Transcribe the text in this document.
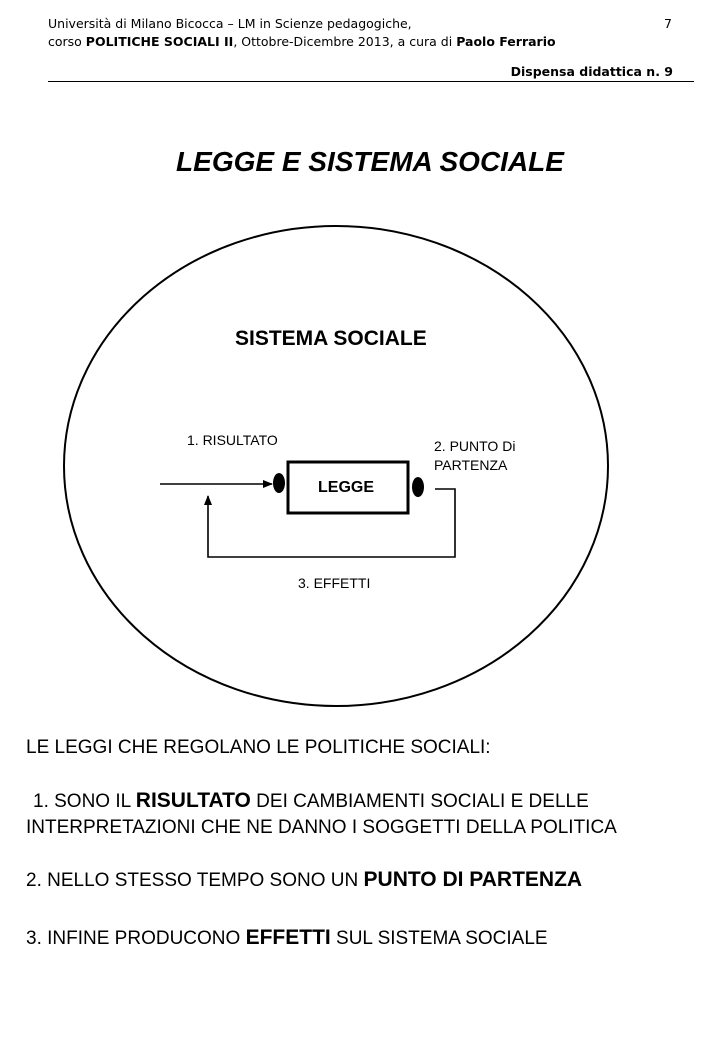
Università di Milano Bicocca – LM in Scienze pedagogiche,
corso POLITICHE SOCIALI II, Ottobre-Dicembre 2013, a cura di Paolo Ferrario
7
Dispensa didattica n. 9
LEGGE E SISTEMA SOCIALE
SISTEMA SOCIALE
1. RISULTATO	2. PUNTO Di PARTENZA
3. EFFETTI
LEGGE
LE LEGGI CHE REGOLANO LE POLITICHE SOCIALI:
1. SONO IL RISULTATO DEI CAMBIAMENTI SOCIALI E DELLE
INTERPRETAZIONI CHE NE DANNO I SOGGETTI DELLA POLITICA
2. NELLO STESSO TEMPO SONO UN PUNTO DI PARTENZA
3. INFINE PRODUCONO EFFETTI SUL SISTEMA SOCIALE
